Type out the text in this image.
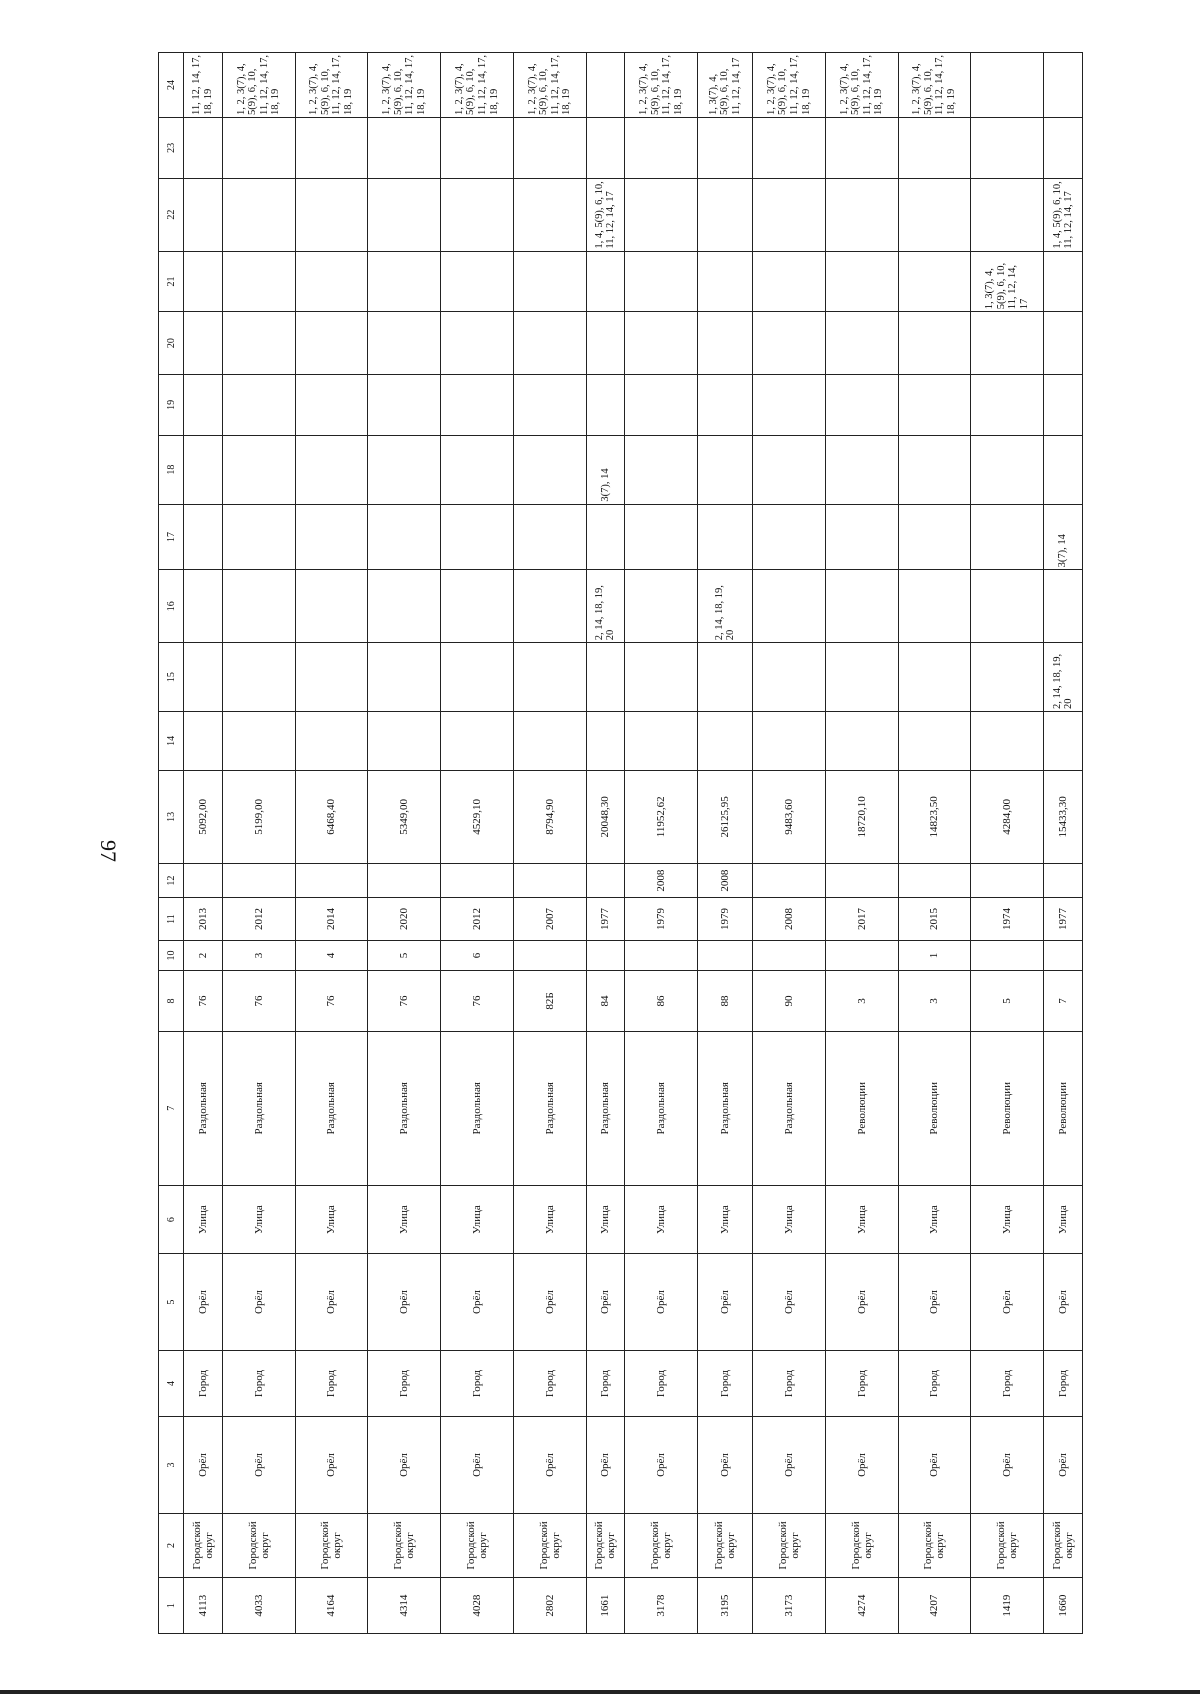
97
1	2	3	4	5	6	7	8	10	11	12	13	14	15	16	17	18	19	20	21	22	23	24
4113	Городской округ	Орёл	Город	Орёл	Улица	Раздольная	76	2	2013		5092,00											11, 12, 14, 17, 18, 19
4033	Городской округ	Орёл	Город	Орёл	Улица	Раздольная	76	3	2012		5199,00											1, 2, 3(7), 4, 5(9), 6, 10, 11, 12, 14, 17, 18, 19
4164	Городской округ	Орёл	Город	Орёл	Улица	Раздольная	76	4	2014		6468,40											1, 2, 3(7), 4, 5(9), 6, 10, 11, 12, 14, 17, 18, 19
4314	Городской округ	Орёл	Город	Орёл	Улица	Раздольная	76	5	2020		5349,00											1, 2, 3(7), 4, 5(9), 6, 10, 11, 12, 14, 17, 18, 19
4028	Городской округ	Орёл	Город	Орёл	Улица	Раздольная	76	6	2012		4529,10											1, 2, 3(7), 4, 5(9), 6, 10, 11, 12, 14, 17, 18, 19
2802	Городской округ	Орёл	Город	Орёл	Улица	Раздольная	82Б		2007		8794,90											1, 2, 3(7), 4, 5(9), 6, 10, 11, 12, 14, 17, 18, 19
1661	Городской округ	Орёл	Город	Орёл	Улица	Раздольная	84		1977		20048,30			2, 14, 18, 19, 20		3(7), 14				1, 4, 5(9), 6, 10, 11, 12, 14, 17		
3178	Городской округ	Орёл	Город	Орёл	Улица	Раздольная	86		1979	2008	11952,62											1, 2, 3(7), 4, 5(9), 6, 10, 11, 12, 14, 17, 18, 19
3195	Городской округ	Орёл	Город	Орёл	Улица	Раздольная	88		1979	2008	26125,95			2, 14, 18, 19, 20								1, 3(7), 4, 5(9), 6, 10, 11, 12, 14, 17
3173	Городской округ	Орёл	Город	Орёл	Улица	Раздольная	90		2008		9483,60											1, 2, 3(7), 4, 5(9), 6, 10, 11, 12, 14, 17, 18, 19
4274	Городской округ	Орёл	Город	Орёл	Улица	Революции	3		2017		18720,10											1, 2, 3(7), 4, 5(9), 6, 10, 11, 12, 14, 17, 18, 19
4207	Городской округ	Орёл	Город	Орёл	Улица	Революции	3	1	2015		14823,50											1, 2, 3(7), 4, 5(9), 6, 10, 11, 12, 14, 17, 18, 19
1419	Городской округ	Орёл	Город	Орёл	Улица	Революции	5		1974		4284,00								1, 3(7), 4, 5(9), 6, 10, 11, 12, 14, 17			
1660	Городской округ	Орёл	Город	Орёл	Улица	Революции	7		1977		15433,30		2, 14, 18, 19, 20		3(7), 14					1, 4, 5(9), 6, 10, 11, 12, 14, 17		
